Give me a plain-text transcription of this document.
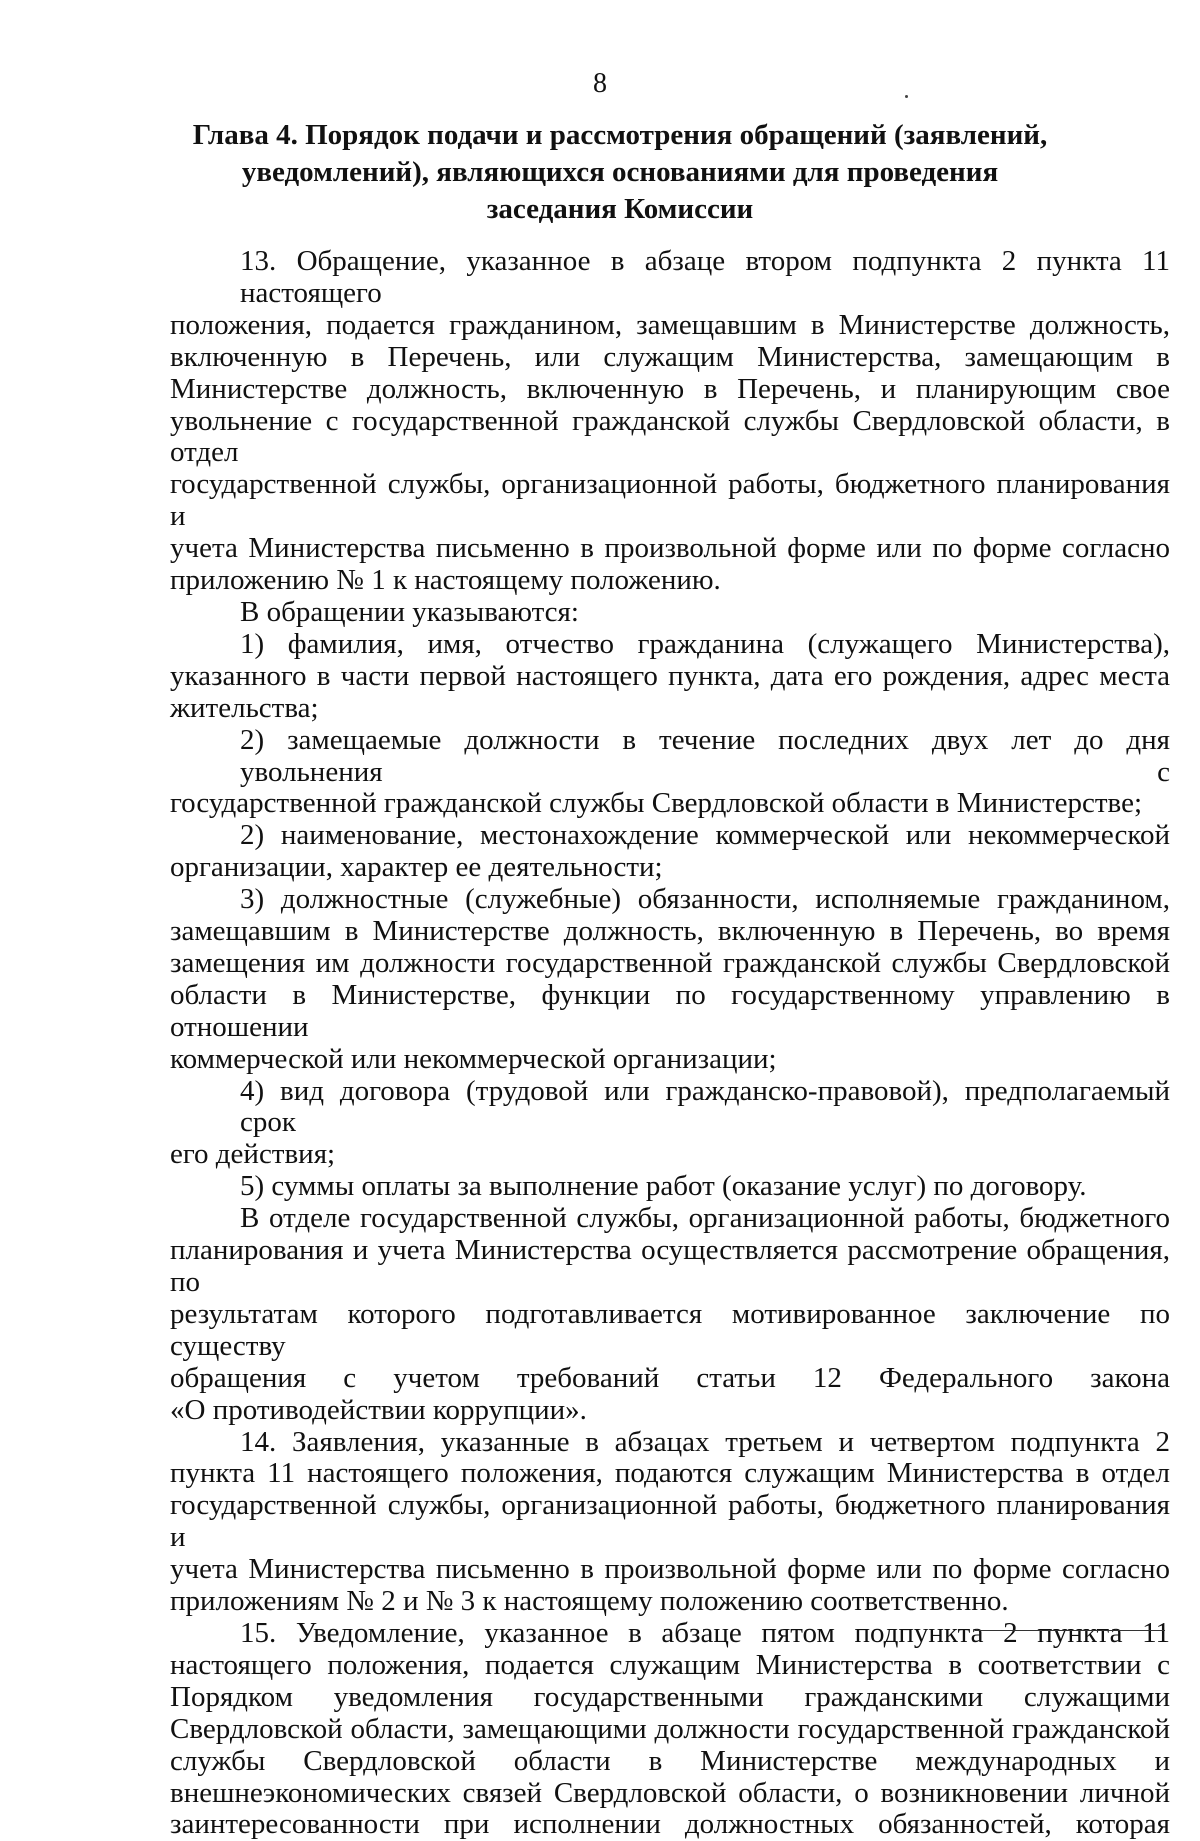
8
Глава 4. Порядок подачи и рассмотрения обращений (заявлений,
уведомлений), являющихся основаниями для проведения
заседания Комиссии
13. Обращение, указанное в абзаце втором подпункта 2 пункта 11 настоящего
положения, подается гражданином, замещавшим в Министерстве должность,
включенную в Перечень, или служащим Министерства, замещающим в
Министерстве должность, включенную в Перечень, и планирующим свое
увольнение с государственной гражданской службы Свердловской области, в отдел
государственной службы, организационной работы, бюджетного планирования и
учета Министерства письменно в произвольной форме или по форме согласно
приложению № 1 к настоящему положению.
В обращении указываются:
1) фамилия, имя, отчество гражданина (служащего Министерства),
указанного в части первой настоящего пункта, дата его рождения, адрес места
жительства;
2) замещаемые должности в течение последних двух лет до дня увольнения с
государственной гражданской службы Свердловской области в Министерстве;
2) наименование, местонахождение коммерческой или некоммерческой
организации, характер ее деятельности;
3) должностные (служебные) обязанности, исполняемые гражданином,
замещавшим в Министерстве должность, включенную в Перечень, во время
замещения им должности государственной гражданской службы Свердловской
области в Министерстве, функции по государственному управлению в отношении
коммерческой или некоммерческой организации;
4) вид договора (трудовой или гражданско-правовой), предполагаемый срок
его действия;
5) суммы оплаты за выполнение работ (оказание услуг) по договору.
В отделе государственной службы, организационной работы, бюджетного
планирования и учета Министерства осуществляется рассмотрение обращения, по
результатам которого подготавливается мотивированное заключение по существу
обращения с учетом требований статьи 12 Федерального закона
«О противодействии коррупции».
14. Заявления, указанные в абзацах третьем и четвертом подпункта 2
пункта 11 настоящего положения, подаются служащим Министерства в отдел
государственной службы, организационной работы, бюджетного планирования и
учета Министерства письменно в произвольной форме или по форме согласно
приложениям № 2 и № 3 к настоящему положению соответственно.
15. Уведомление, указанное в абзаце пятом подпункта 2 пункта 11
настоящего положения, подается служащим Министерства в соответствии с
Порядком уведомления государственными гражданскими служащими
Свердловской области, замещающими должности государственной гражданской
службы Свердловской области в Министерстве международных и
внешнеэкономических связей Свердловской области, о возникновении личной
заинтересованности при исполнении должностных обязанностей, которая
